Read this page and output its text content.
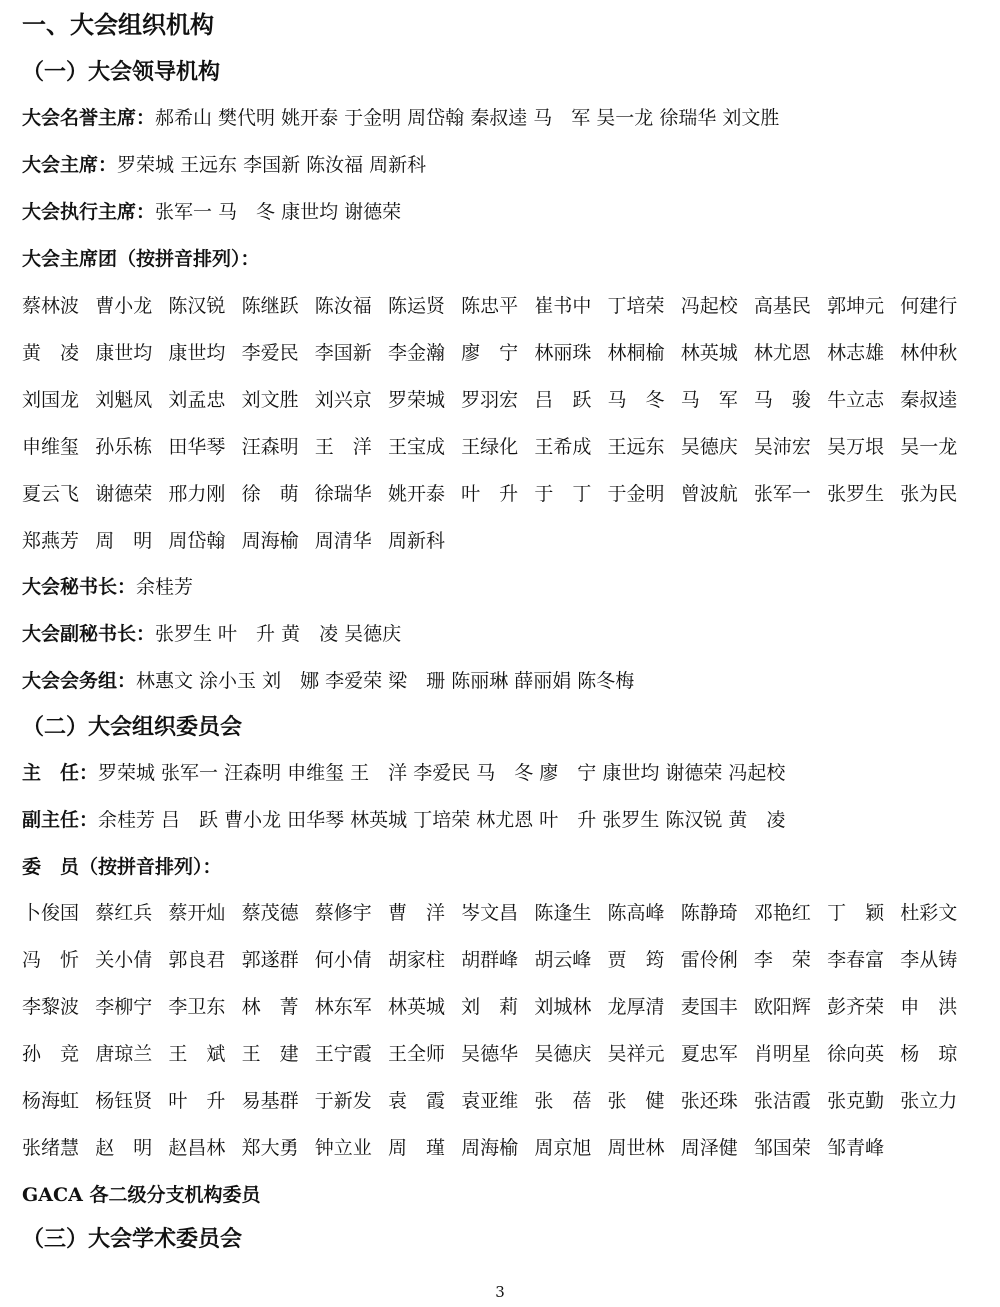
一、大会组织机构
（一）大会领导机构
大会名誉主席：郝希山 樊代明 姚开泰 于金明 周岱翰 秦叔逵 马　军 吴一龙 徐瑞华 刘文胜
大会主席：罗荣城 王远东 李国新 陈汝福 周新科
大会执行主席：张军一 马　冬 康世均 谢德荣
大会主席团（按拼音排列）：
蔡林波 曹小龙 陈汉锐 陈继跃 陈汝福 陈运贤 陈忠平 崔书中 丁培荣 冯起校 高基民 郭坤元 何建行
黄　凌 康世均 康世均 李爱民 李国新 李金瀚 廖　宁 林丽珠 林桐榆 林英城 林尤恩 林志雄 林仲秋
刘国龙 刘魁凤 刘孟忠 刘文胜 刘兴京 罗荣城 罗羽宏 吕　跃 马　冬 马　军 马　骏 牛立志 秦叔逵
申维玺 孙乐栋 田华琴 汪森明 王　洋 王宝成 王绿化 王希成 王远东 吴德庆 吴沛宏 吴万垠 吴一龙
夏云飞 谢德荣 邢力刚 徐　萌 徐瑞华 姚开泰 叶　升 于　丁 于金明 曾波航 张军一 张罗生 张为民
郑燕芳 周　明 周岱翰 周海榆 周清华 周新科
大会秘书长：余桂芳
大会副秘书长：张罗生 叶　升 黄　凌 吴德庆
大会会务组：林惠文 涂小玉 刘　娜 李爱荣 梁　珊 陈丽琳 薛丽娟 陈冬梅
（二）大会组织委员会
主　任：罗荣城 张军一 汪森明 申维玺 王　洋 李爱民 马　冬 廖　宁 康世均 谢德荣 冯起校
副主任：余桂芳 吕　跃 曹小龙 田华琴 林英城 丁培荣 林尤恩 叶　升 张罗生 陈汉锐 黄　凌
委　员（按拼音排列）：
卜俊国 蔡红兵 蔡开灿 蔡茂德 蔡修宇 曹　洋 岑文昌 陈逢生 陈高峰 陈静琦 邓艳红 丁　颖 杜彩文
冯　忻 关小倩 郭良君 郭遂群 何小倩 胡家柱 胡群峰 胡云峰 贾　筠 雷伶俐 李　荣 李春富 李从铸
李黎波 李柳宁 李卫东 林　菁 林东军 林英城 刘　莉 刘城林 龙厚清 麦国丰 欧阳辉 彭齐荣 申　洪
孙　竞 唐琼兰 王　斌 王　建 王宁霞 王全师 吴德华 吴德庆 吴祥元 夏忠军 肖明星 徐向英 杨　琼
杨海虹 杨钰贤 叶　升 易基群 于新发 袁　霞 袁亚维 张　蓓 张　健 张还珠 张洁霞 张克勤 张立力
张绪慧 赵　明 赵昌林 郑大勇 钟立业 周　瑾 周海榆 周京旭 周世林 周泽健 邹国荣 邹青峰
GACA 各二级分支机构委员
（三）大会学术委员会
3
